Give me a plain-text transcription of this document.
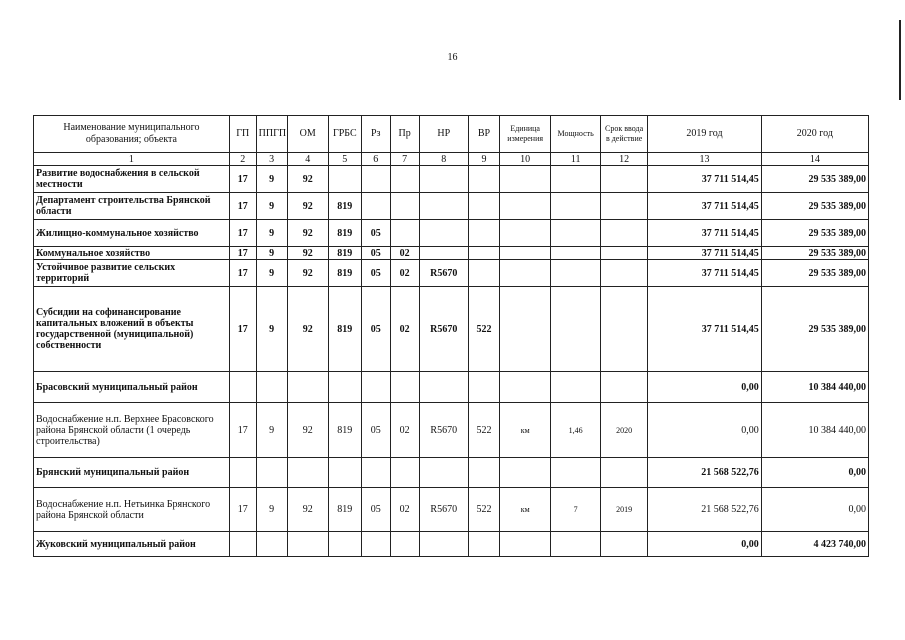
16
Наименование муниципального образования; объекта	ГП	ППГП	ОМ	ГРБС	Рз	Пр	НР	ВР	Единица измерения	Мощность	Срок ввода в действие	2019 год	2020 год
1	2	3	4	5	6	7	8	9	10	11	12	13	14
Развитие водоснабжения в сельской местности	17	9	92									37 711 514,45	29 535 389,00
Департамент строительства Брянской области	17	9	92	819								37 711 514,45	29 535 389,00
Жилищно-коммунальное хозяйство	17	9	92	819	05							37 711 514,45	29 535 389,00
Коммунальное хозяйство	17	9	92	819	05	02						37 711 514,45	29 535 389,00
Устойчивое развитие сельских территорий	17	9	92	819	05	02	R5670					37 711 514,45	29 535 389,00
Субсидии на софинансирование капитальных вложений в объекты государственной (муниципальной) собственности	17	9	92	819	05	02	R5670	522				37 711 514,45	29 535 389,00
Брасовский муниципальный район												0,00	10 384 440,00
Водоснабжение н.п. Верхнее Брасовского района Брянской области (1 очередь строительства)	17	9	92	819	05	02	R5670	522	км	1,46	2020	0,00	10 384 440,00
Брянский муниципальный район												21 568 522,76	0,00
Водоснабжение н.п. Нетьинка Брянского района Брянской области	17	9	92	819	05	02	R5670	522	км	7	2019	21 568 522,76	0,00
Жуковский муниципальный район												0,00	4 423 740,00
